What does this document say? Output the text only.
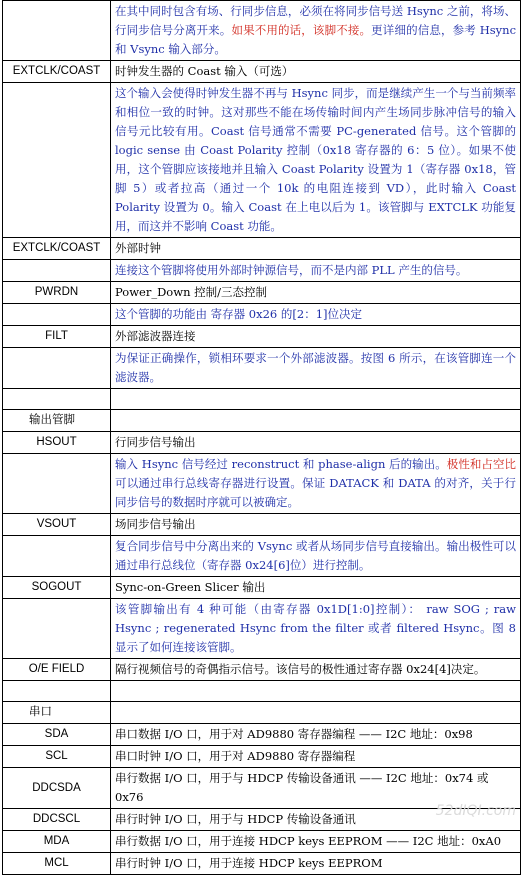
	在其中同时包含有场、行同步信息，必须在将同步信号送 Hsync 之前，将场、行同步信号分离开来。如果不用的话，该脚不接。更详细的信息，参考 Hsync 和 Vsync 输入部分。
EXTCLK/COAST	时钟发生器的 Coast 输入（可选）
	这个输入会使得时钟发生器不再与 Hsync 同步，而是继续产生一个与当前频率和相位一致的时钟。这对那些不能在场传输时间内产生场同步脉冲信号的输入信号元比较有用。Coast 信号通常不需要 PC-generated 信号。这个管脚的 logic sense 由 Coast Polarity 控制（0x18 寄存器的 6：5 位）。如果不使用，这个管脚应该接地并且输入 Coast Polarity 设置为 1（寄存器 0x18，管脚 5）或者拉高（通过一个 10k 的电阻连接到 VD），此时输入 Coast Polarity 设置为 0。输入 Coast 在上电以后为 1。该管脚与 EXTCLK 功能复用，而这并不影响 Coast 功能。
EXTCLK/COAST	外部时钟
	连接这个管脚将使用外部时钟源信号，而不是内部 PLL 产生的信号。
PWRDN	Power_Down 控制/三态控制
	这个管脚的功能由 寄存器 0x26 的[2：1]位决定
FILT	外部滤波器连接
	为保证正确操作，锁相环要求一个外部滤波器。按图 6 所示，在该管脚连一个滤波器。

输出管脚	
HSOUT	行同步信号输出
	输入 Hsync 信号经过 reconstruct 和 phase-align 后的输出。极性和占空比可以通过串行总线寄存器进行设置。保证 DATACK 和 DATA 的对齐，关于行同步信号的数据时序就可以被确定。
VSOUT	场同步信号输出
	复合同步信号中分离出来的 Vsync 或者从场同步信号直接输出。输出极性可以通过串行总线位（寄存器 0x24[6]位）进行控制。
SOGOUT	Sync-on-Green Slicer 输出
	该管脚输出有 4 种可能（由寄存器 0x1D[1:0]控制）： raw SOG ; raw Hsync ; regenerated Hsync from the filter 或者 filtered Hsync。图 8 显示了如何连接该管脚。
O/E FIELD	隔行视频信号的奇偶指示信号。该信号的极性通过寄存器 0x24[4]决定。

串口	
SDA	串口数据 I/O 口，用于对 AD9880 寄存器编程 —— I2C 地址：0x98
SCL	串口时钟 I/O 口，用于对 AD9880 寄存器编程
DDCSDA	串行数据 I/O 口，用于与 HDCP 传输设备通讯 —— I2C 地址：0x74 或 0x76
DDCSCL	串行时钟 I/O 口，用于与 HDCP 传输设备通讯
MDA	串行数据 I/O 口，用于连接 HDCP keys EEPROM —— I2C 地址：0xA0
MCL	串行时钟 I/O 口，用于连接 HDCP keys EEPROM
52dIQI.com
